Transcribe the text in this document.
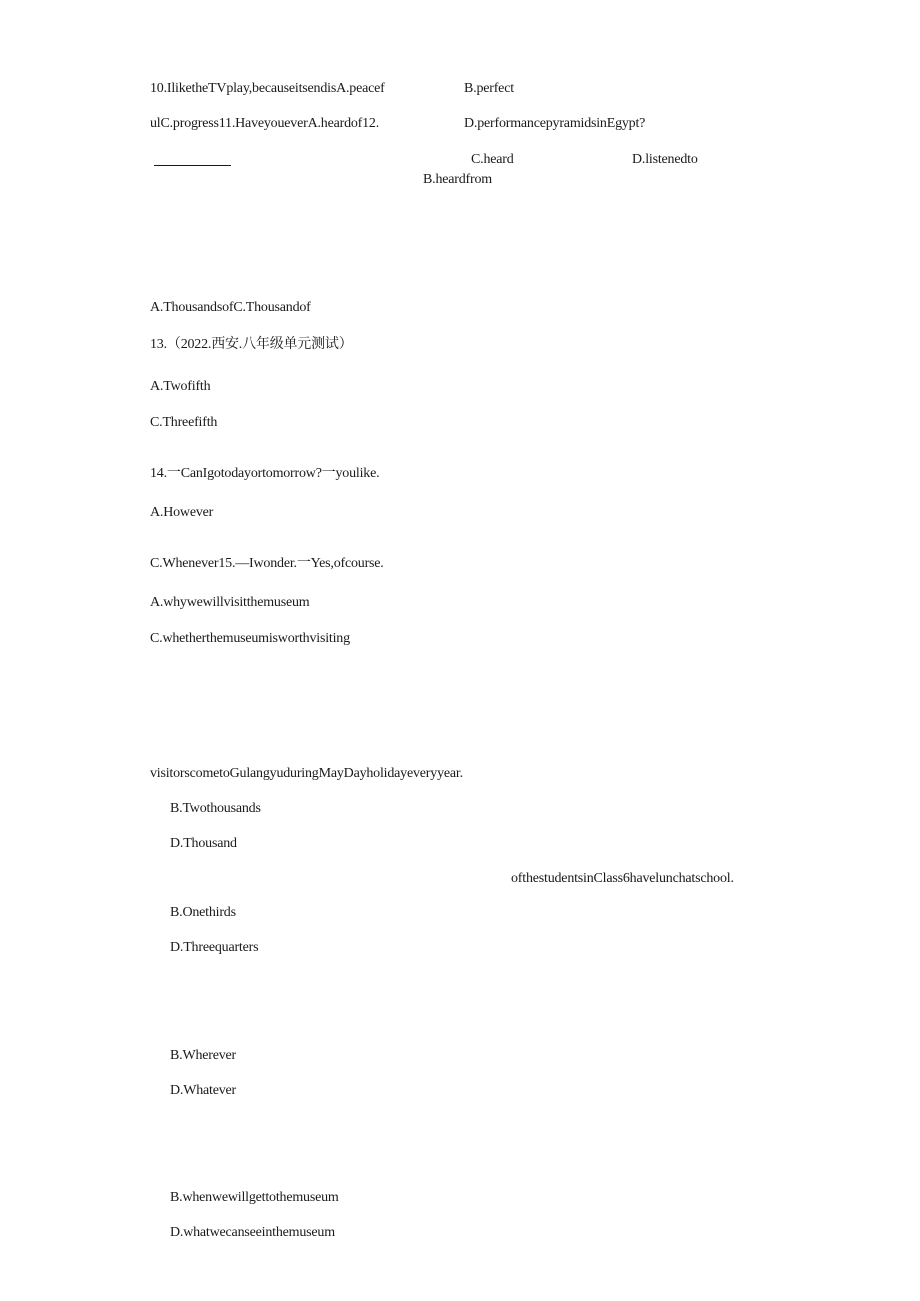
10.IliketheTVplay,becauseitsendisA.peacef	B.perfect
ulC.progress11.HaveyoueverA.heardof12.	D.performancepyramidsinEgypt?
C.heard	D.listenedto
B.heardfrom
A.ThousandsofC.Thousandof
13.（2022.西安.八年级单元测试）
A.Twofifth
C.Threefifth
14.一CanIgotodayortomorrow?一youlike.
A.However
C.Whenever15.—Iwonder.一Yes,ofcourse.
A.whywewillvisitthemuseum
C.whetherthemuseumisworthvisiting
visitorscometoGulangyuduringMayDayholidayeveryyear.
B.Twothousands
D.Thousand
ofthestudentsinClass6havelunchatschool.
B.Onethirds
D.Threequarters
B.Wherever
D.Whatever
B.whenwewillgettothemuseum
D.whatwecanseeinthemuseum
